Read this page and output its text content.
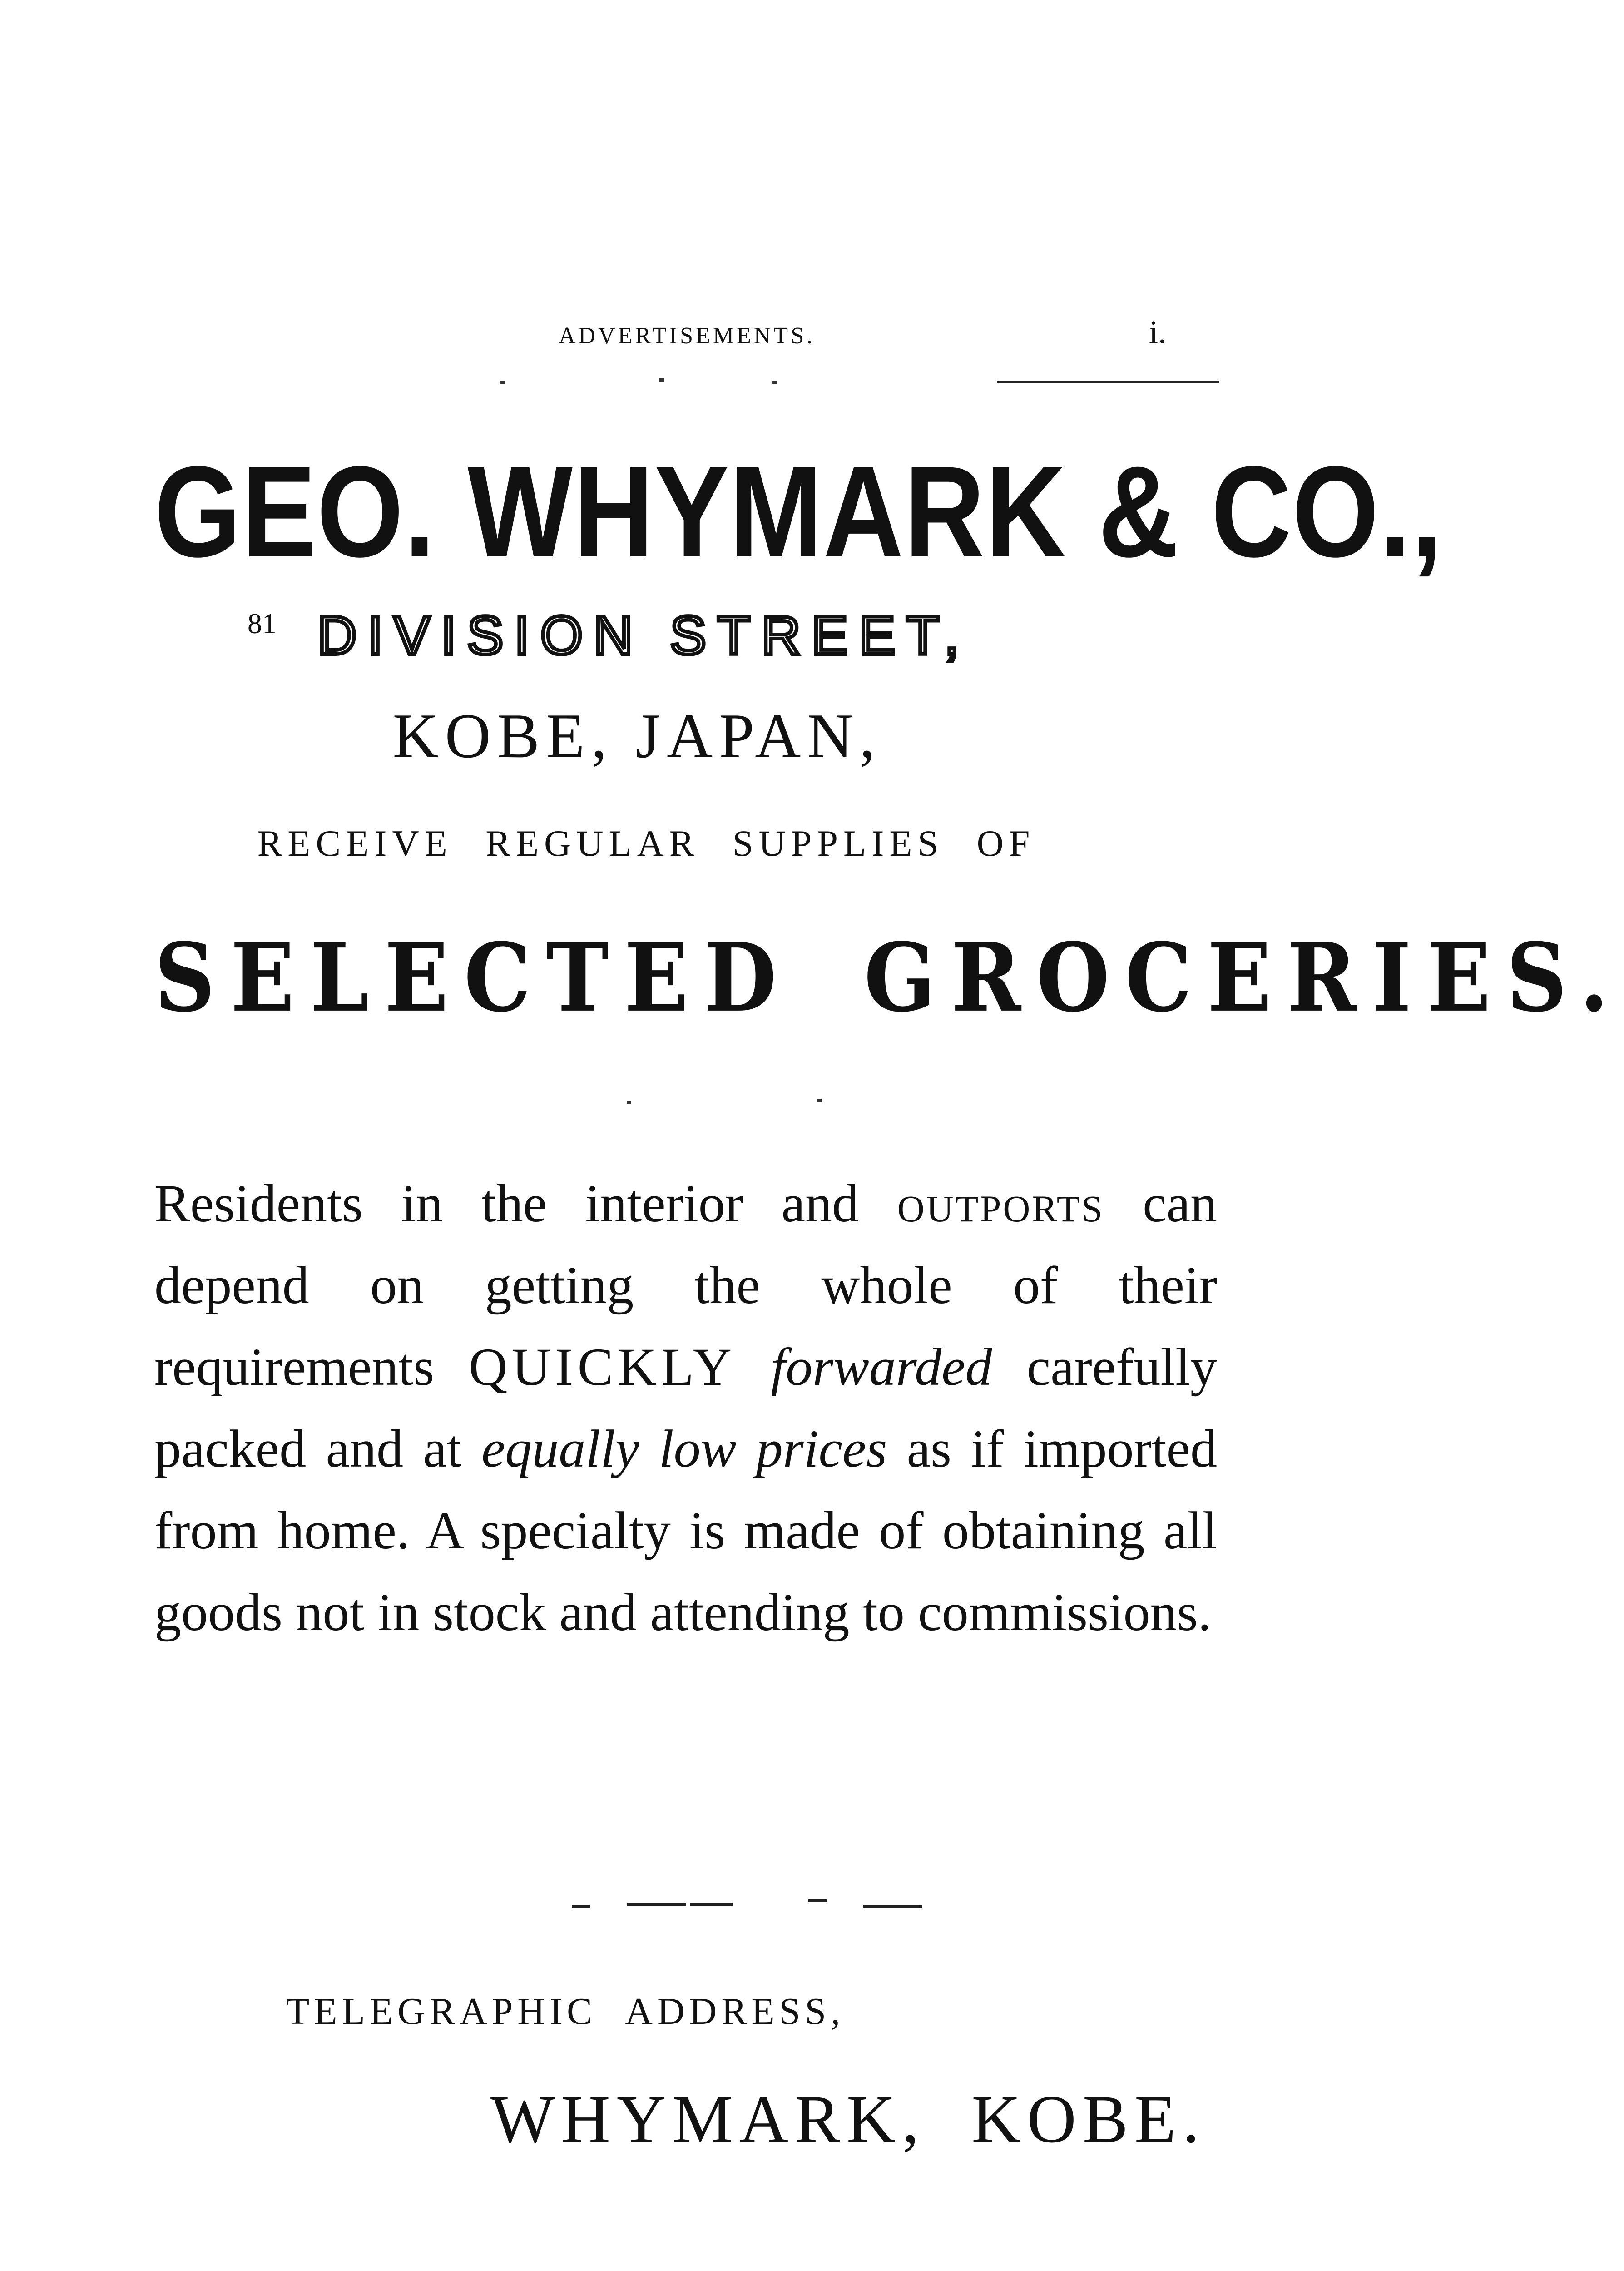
ADVERTISEMENTS.	i.
GEO. WHYMARK & CO.,
81 DIVISION STREET,
KOBE, JAPAN,
RECEIVE REGULAR SUPPLIES OF
SELECTED GROCERIES.
Residents in the interior and outports can depend on getting the whole of their requirements QUICKLY forwarded carefully packed and at equally low prices as if imported from home. A specialty is made of obtaining all goods not in stock and attending to commissions.
TELEGRAPHIC ADDRESS,
WHYMARK, KOBE.
